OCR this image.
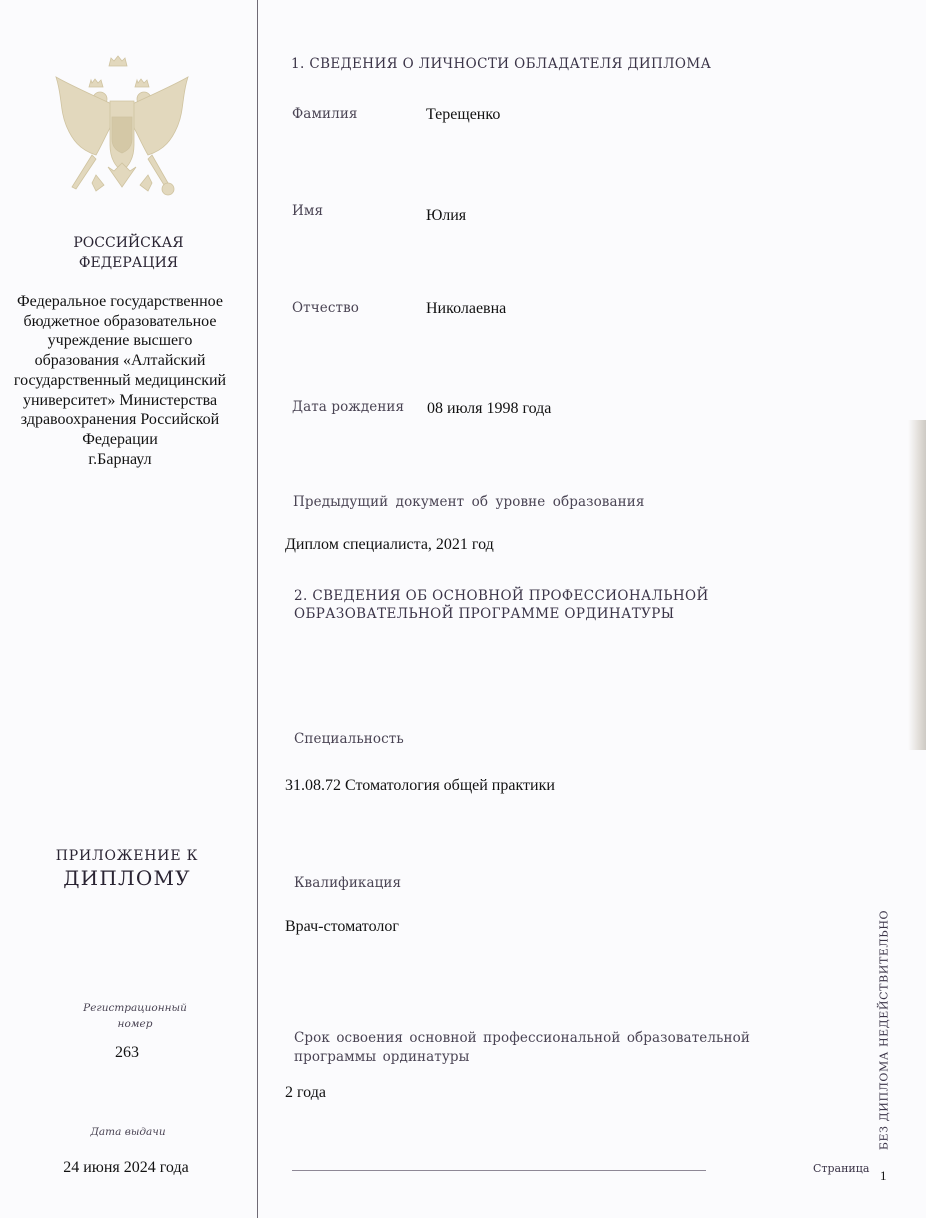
РОССИЙСКАЯ
ФЕДЕРАЦИЯ
Федеральное государственное
бюджетное образовательное
учреждение высшего
образования «Алтайский
государственный медицинский
университет» Министерства
здравоохранения Российской
Федерации
г.Барнаул
ПРИЛОЖЕНИЕ К
ДИПЛОМУ
Регистрационный
номер
263
Дата выдачи
24 июня 2024 года
1. СВЕДЕНИЯ О ЛИЧНОСТИ ОБЛАДАТЕЛЯ ДИПЛОМА
Фамилия	Терещенко
Имя	Юлия
Отчество	Николаевна
Дата рождения 08 июля 1998 года
Предыдущий документ об уровне образования
Диплом специалиста, 2021 год
2. СВЕДЕНИЯ ОБ ОСНОВНОЙ ПРОФЕССИОНАЛЬНОЙ
ОБРАЗОВАТЕЛЬНОЙ ПРОГРАММЕ ОРДИНАТУРЫ
Специальность
31.08.72 Стоматология общей практики
Квалификация
Врач-стоматолог
Срок освоения основной профессиональной образовательной
программы ординатуры
2 года
Страница 1
БЕЗ ДИПЛОМА НЕДЕЙСТВИТЕЛЬНО
